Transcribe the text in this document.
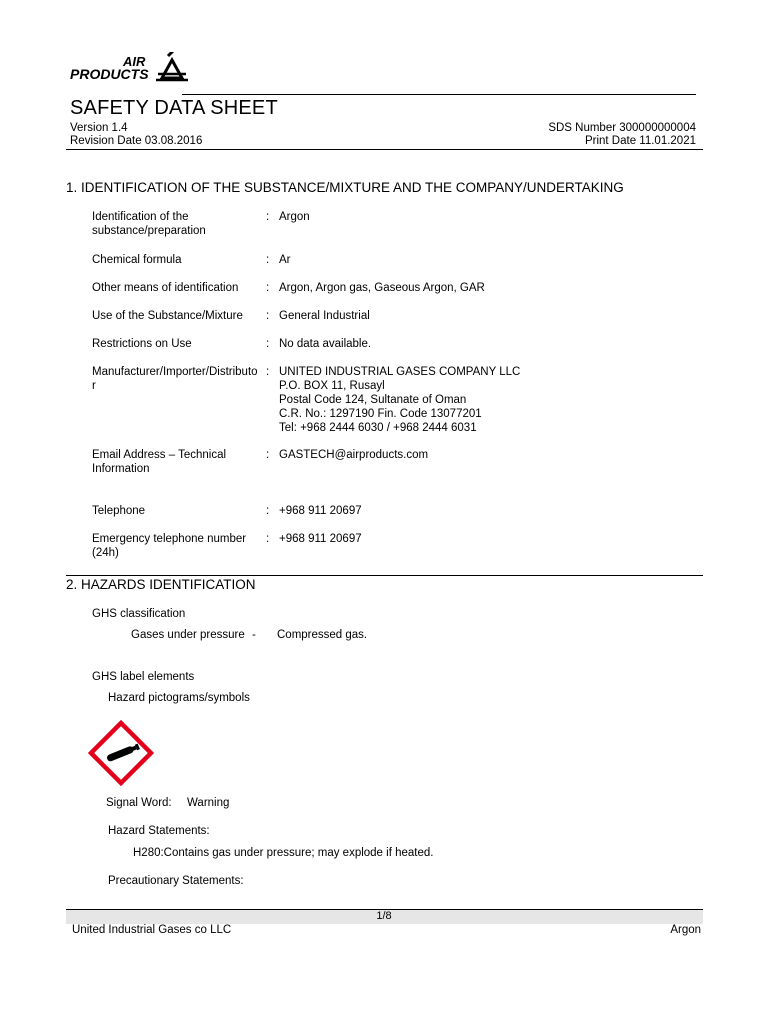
AIR
PRODUCTS
SAFETY DATA SHEET
Version 1.4
Revision Date 03.08.2016
SDS Number 300000000004
Print Date 11.01.2021
1. IDENTIFICATION OF THE SUBSTANCE/MIXTURE AND THE COMPANY/UNDERTAKING
Identification of the substance/preparation
: Argon
Chemical formula	: Ar
Other means of identification	: Argon, Argon gas, Gaseous Argon, GAR
Use of the Substance/Mixture	: General Industrial
Restrictions on Use	: No data available.
Manufacturer/Importer/Distributor
: UNITED INDUSTRIAL GASES COMPANY LLC
P.O. BOX 11, Rusayl
Postal Code 124, Sultanate of Oman
C.R. No.: 1297190 Fin. Code 13077201
Tel: +968 2444 6030 / +968 2444 6031
Email Address – Technical Information
: GASTECH@airproducts.com
Telephone	: +968 911 20697
Emergency telephone number (24h)
: +968 911 20697
2. HAZARDS IDENTIFICATION
GHS classification
Gases under pressure - Compressed gas.
GHS label elements
Hazard pictograms/symbols
Signal Word: Warning
Hazard Statements:
H280:Contains gas under pressure; may explode if heated.
Precautionary Statements:
1/8
United Industrial Gases co LLC	Argon
